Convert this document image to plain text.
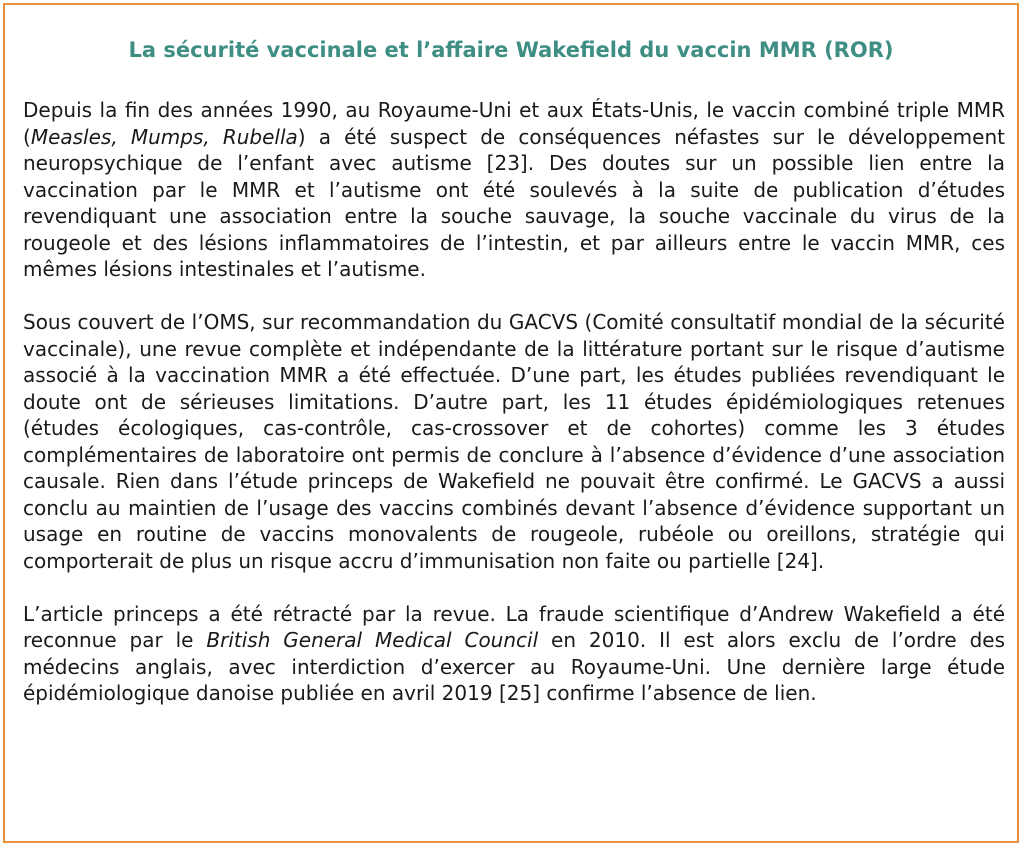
La sécurité vaccinale et l’affaire Wakefield du vaccin MMR (ROR)

Depuis la fin des années 1990, au Royaume-Uni et aux États-Unis, le vaccin combiné triple MMR (Measles, Mumps, Rubella) a été suspect de conséquences néfastes sur le développement neuropsychique de l’enfant avec autisme [23]. Des doutes sur un possible lien entre la vaccination par le MMR et l’autisme ont été soulevés à la suite de publication d’études revendiquant une association entre la souche sauvage, la souche vaccinale du virus de la rougeole et des lésions inflammatoires de l’intestin, et par ailleurs entre le vaccin MMR, ces mêmes lésions intestinales et l’autisme.

Sous couvert de l’OMS, sur recommandation du GACVS (Comité consultatif mondial de la sécurité vaccinale), une revue complète et indépendante de la littérature portant sur le risque d’autisme associé à la vaccination MMR a été effectuée. D’une part, les études publiées revendiquant le doute ont de sérieuses limitations. D’autre part, les 11 études épidémiologiques retenues (études écologiques, cas-contrôle, cas-crossover et de cohortes) comme les 3 études complémentaires de laboratoire ont permis de conclure à l’absence d’évidence d’une association causale. Rien dans l’étude princeps de Wakefield ne pouvait être confirmé. Le GACVS a aussi conclu au maintien de l’usage des vaccins combinés devant l’absence d’évidence supportant un usage en routine de vaccins monovalents de rougeole, rubéole ou oreillons, stratégie qui comporterait de plus un risque accru d’immunisation non faite ou partielle [24].

L’article princeps a été rétracté par la revue. La fraude scientifique d’Andrew Wakefield a été reconnue par le British General Medical Council en 2010. Il est alors exclu de l’ordre des médecins anglais, avec interdiction d’exercer au Royaume-Uni. Une dernière large étude épidémiologique danoise publiée en avril 2019 [25] confirme l’absence de lien.
